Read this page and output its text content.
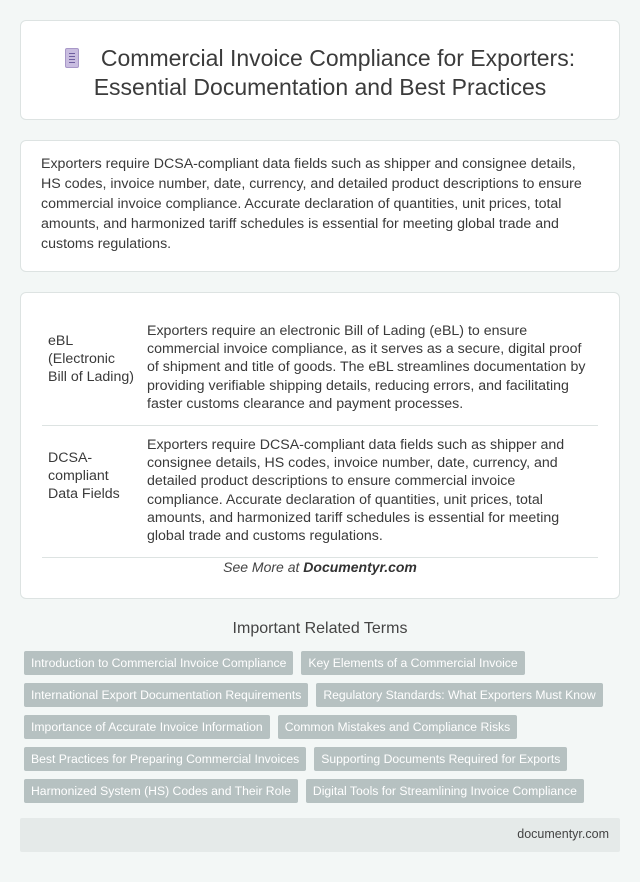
Commercial Invoice Compliance for Exporters:
Essential Documentation and Best Practices

Exporters require DCSA-compliant data fields such as shipper and consignee details, HS codes, invoice number, date, currency, and detailed product descriptions to ensure commercial invoice compliance. Accurate declaration of quantities, unit prices, total amounts, and harmonized tariff schedules is essential for meeting global trade and customs regulations.

eBL (Electronic Bill of Lading)	Exporters require an electronic Bill of Lading (eBL) to ensure commercial invoice compliance, as it serves as a secure, digital proof of shipment and title of goods. The eBL streamlines documentation by providing verifiable shipping details, reducing errors, and facilitating faster customs clearance and payment processes.
DCSA-compliant Data Fields	Exporters require DCSA-compliant data fields such as shipper and consignee details, HS codes, invoice number, date, currency, and detailed product descriptions to ensure commercial invoice compliance. Accurate declaration of quantities, unit prices, total amounts, and harmonized tariff schedules is essential for meeting global trade and customs regulations.
See More at Documentyr.com
Important Related Terms
Introduction to Commercial Invoice Compliance	Key Elements of a Commercial Invoice
International Export Documentation Requirements	Regulatory Standards: What Exporters Must Know
Importance of Accurate Invoice Information	Common Mistakes and Compliance Risks
Best Practices for Preparing Commercial Invoices	Supporting Documents Required for Exports
Harmonized System (HS) Codes and Their Role	Digital Tools for Streamlining Invoice Compliance
documentyr.com
